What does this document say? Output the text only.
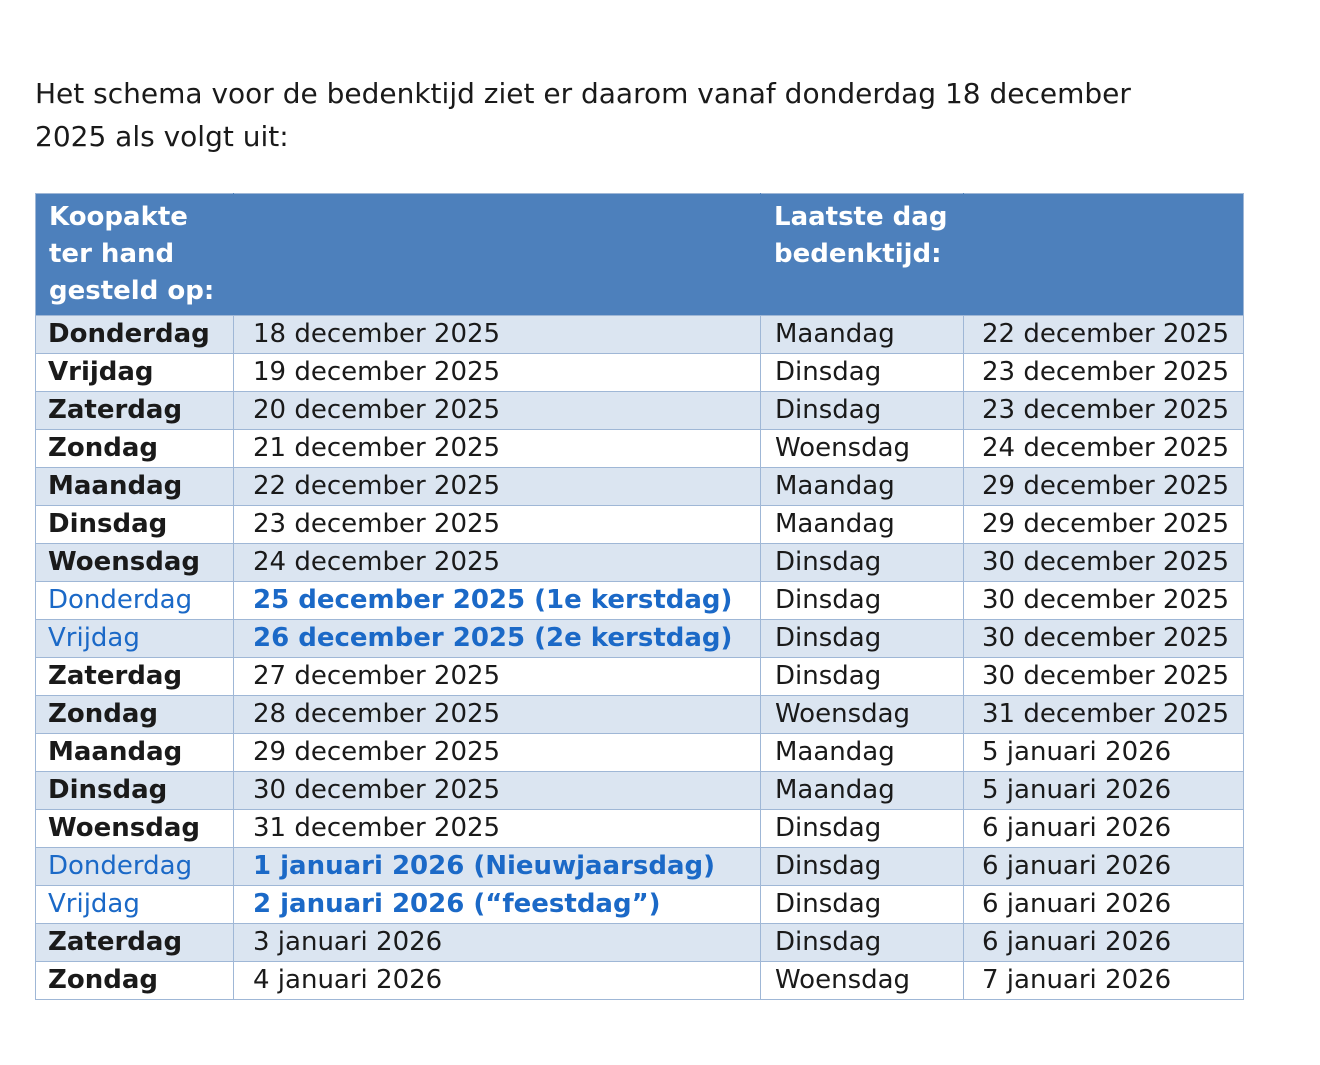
Het schema voor de bedenktijd ziet er daarom vanaf donderdag 18 december
2025 als volgt uit:

Koopakte ter hand gesteld op:		Laatste dag bedenktijd:	
Donderdag	18 december 2025	Maandag	22 december 2025
Vrijdag	19 december 2025	Dinsdag	23 december 2025
Zaterdag	20 december 2025	Dinsdag	23 december 2025
Zondag	21 december 2025	Woensdag	24 december 2025
Maandag	22 december 2025	Maandag	29 december 2025
Dinsdag	23 december 2025	Maandag	29 december 2025
Woensdag	24 december 2025	Dinsdag	30 december 2025
Donderdag	25 december 2025 (1e kerstdag)	Dinsdag	30 december 2025
Vrijdag	26 december 2025 (2e kerstdag)	Dinsdag	30 december 2025
Zaterdag	27 december 2025	Dinsdag	30 december 2025
Zondag	28 december 2025	Woensdag	31 december 2025
Maandag	29 december 2025	Maandag	5 januari 2026
Dinsdag	30 december 2025	Maandag	5 januari 2026
Woensdag	31 december 2025	Dinsdag	6 januari 2026
Donderdag	1 januari 2026 (Nieuwjaarsdag)	Dinsdag	6 januari 2026
Vrijdag	2 januari 2026 (“feestdag”)	Dinsdag	6 januari 2026
Zaterdag	3 januari 2026	Dinsdag	6 januari 2026
Zondag	4 januari 2026	Woensdag	7 januari 2026
